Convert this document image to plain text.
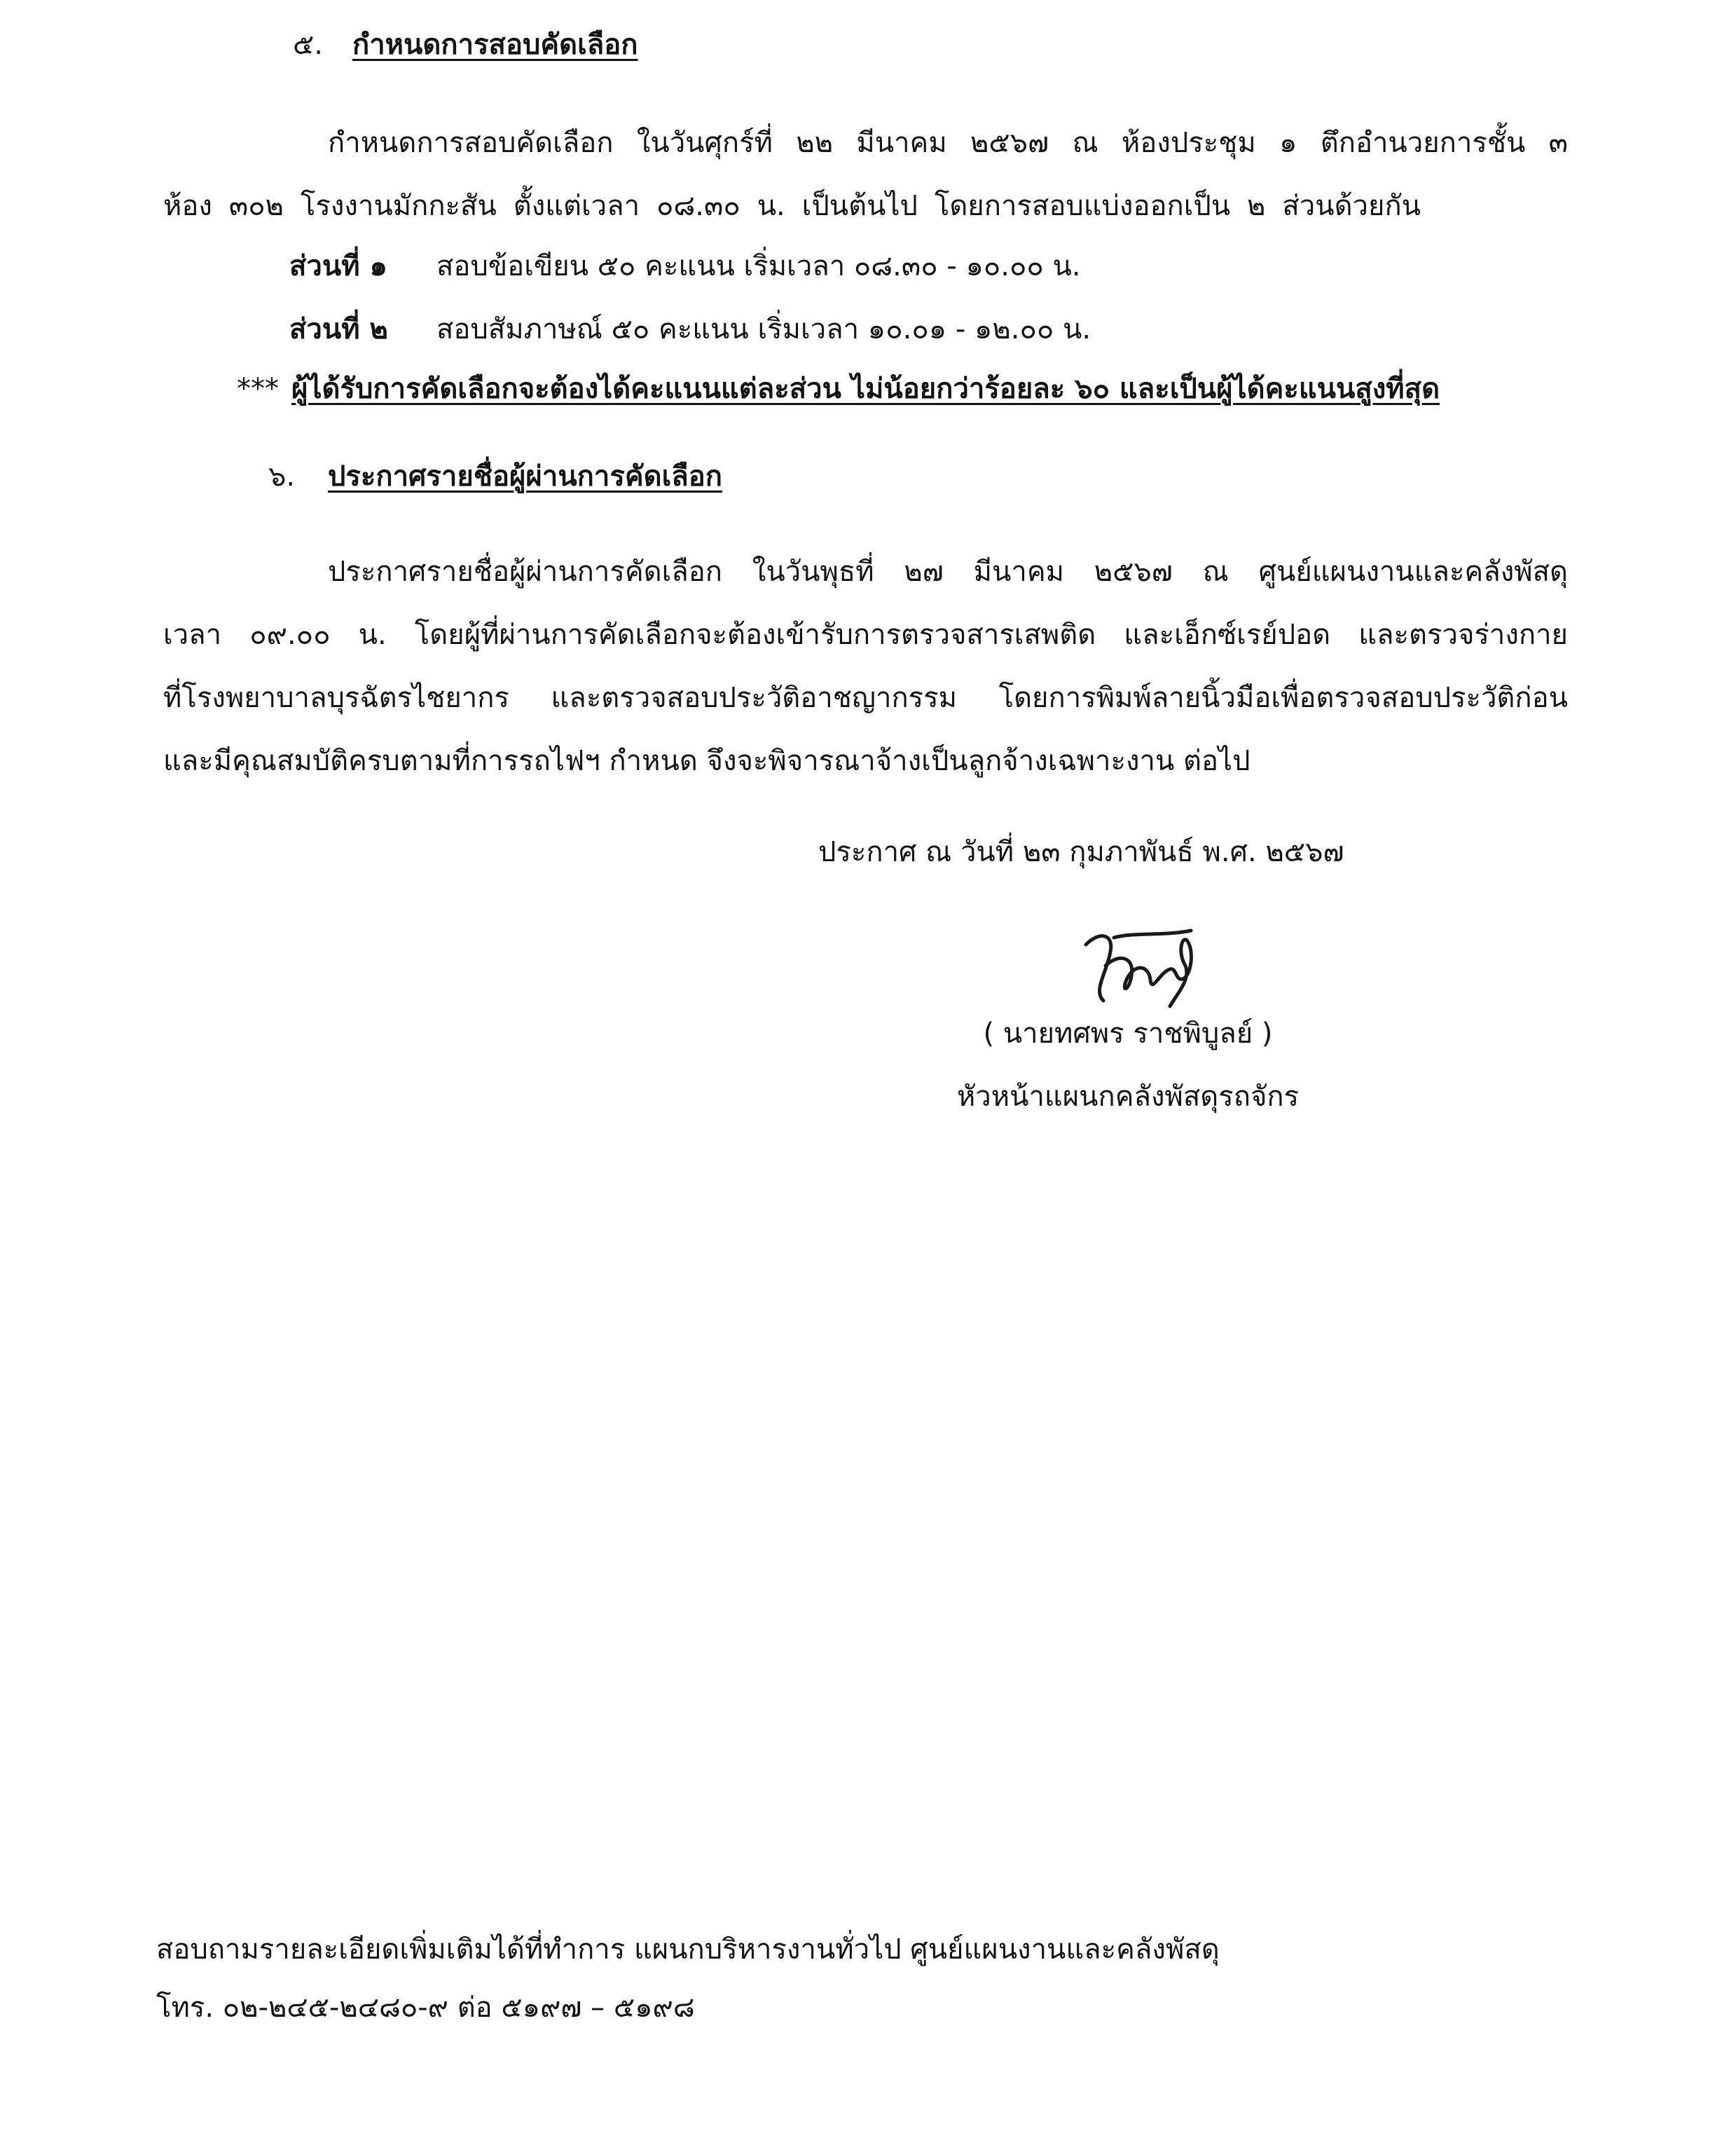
๕. กำหนดการสอบคัดเลือก
กำหนดการสอบคัดเลือก ในวันศุกร์ที่ ๒๒ มีนาคม ๒๕๖๗ ณ ห้องประชุม ๑ ตึกอำนวยการชั้น ๓
ห้อง ๓๐๒ โรงงานมักกะสัน ตั้งแต่เวลา ๐๘.๓๐ น. เป็นต้นไป โดยการสอบแบ่งออกเป็น ๒ ส่วนด้วยกัน
ส่วนที่ ๑ สอบข้อเขียน ๕๐ คะแนน เริ่มเวลา ๐๘.๓๐ - ๑๐.๐๐ น.
ส่วนที่ ๒ สอบสัมภาษณ์ ๕๐ คะแนน เริ่มเวลา ๑๐.๐๑ - ๑๒.๐๐ น.
*** ผู้ได้รับการคัดเลือกจะต้องได้คะแนนแต่ละส่วน ไม่น้อยกว่าร้อยละ ๖๐ และเป็นผู้ได้คะแนนสูงที่สุด
๖. ประกาศรายชื่อผู้ผ่านการคัดเลือก
ประกาศรายชื่อผู้ผ่านการคัดเลือก ในวันพุธที่ ๒๗ มีนาคม ๒๕๖๗ ณ ศูนย์แผนงานและคลังพัสดุ
เวลา ๐๙.๐๐ น. โดยผู้ที่ผ่านการคัดเลือกจะต้องเข้ารับการตรวจสารเสพติด และเอ็กซ์เรย์ปอด และตรวจร่างกาย
ที่โรงพยาบาลบุรฉัตรไชยากร และตรวจสอบประวัติอาชญากรรม โดยการพิมพ์ลายนิ้วมือเพื่อตรวจสอบประวัติก่อน
และมีคุณสมบัติครบตามที่การรถไฟฯ กำหนด จึงจะพิจารณาจ้างเป็นลูกจ้างเฉพาะงาน ต่อไป
ประกาศ ณ วันที่ ๒๓ กุมภาพันธ์ พ.ศ. ๒๕๖๗
( นายทศพร ราชพิบูลย์ )
หัวหน้าแผนกคลังพัสดุรถจักร
สอบถามรายละเอียดเพิ่มเติมได้ที่ทำการ แผนกบริหารงานทั่วไป ศูนย์แผนงานและคลังพัสดุ
โทร. ๐๒-๒๔๕-๒๔๘๐-๙ ต่อ ๕๑๙๗ – ๕๑๙๘
